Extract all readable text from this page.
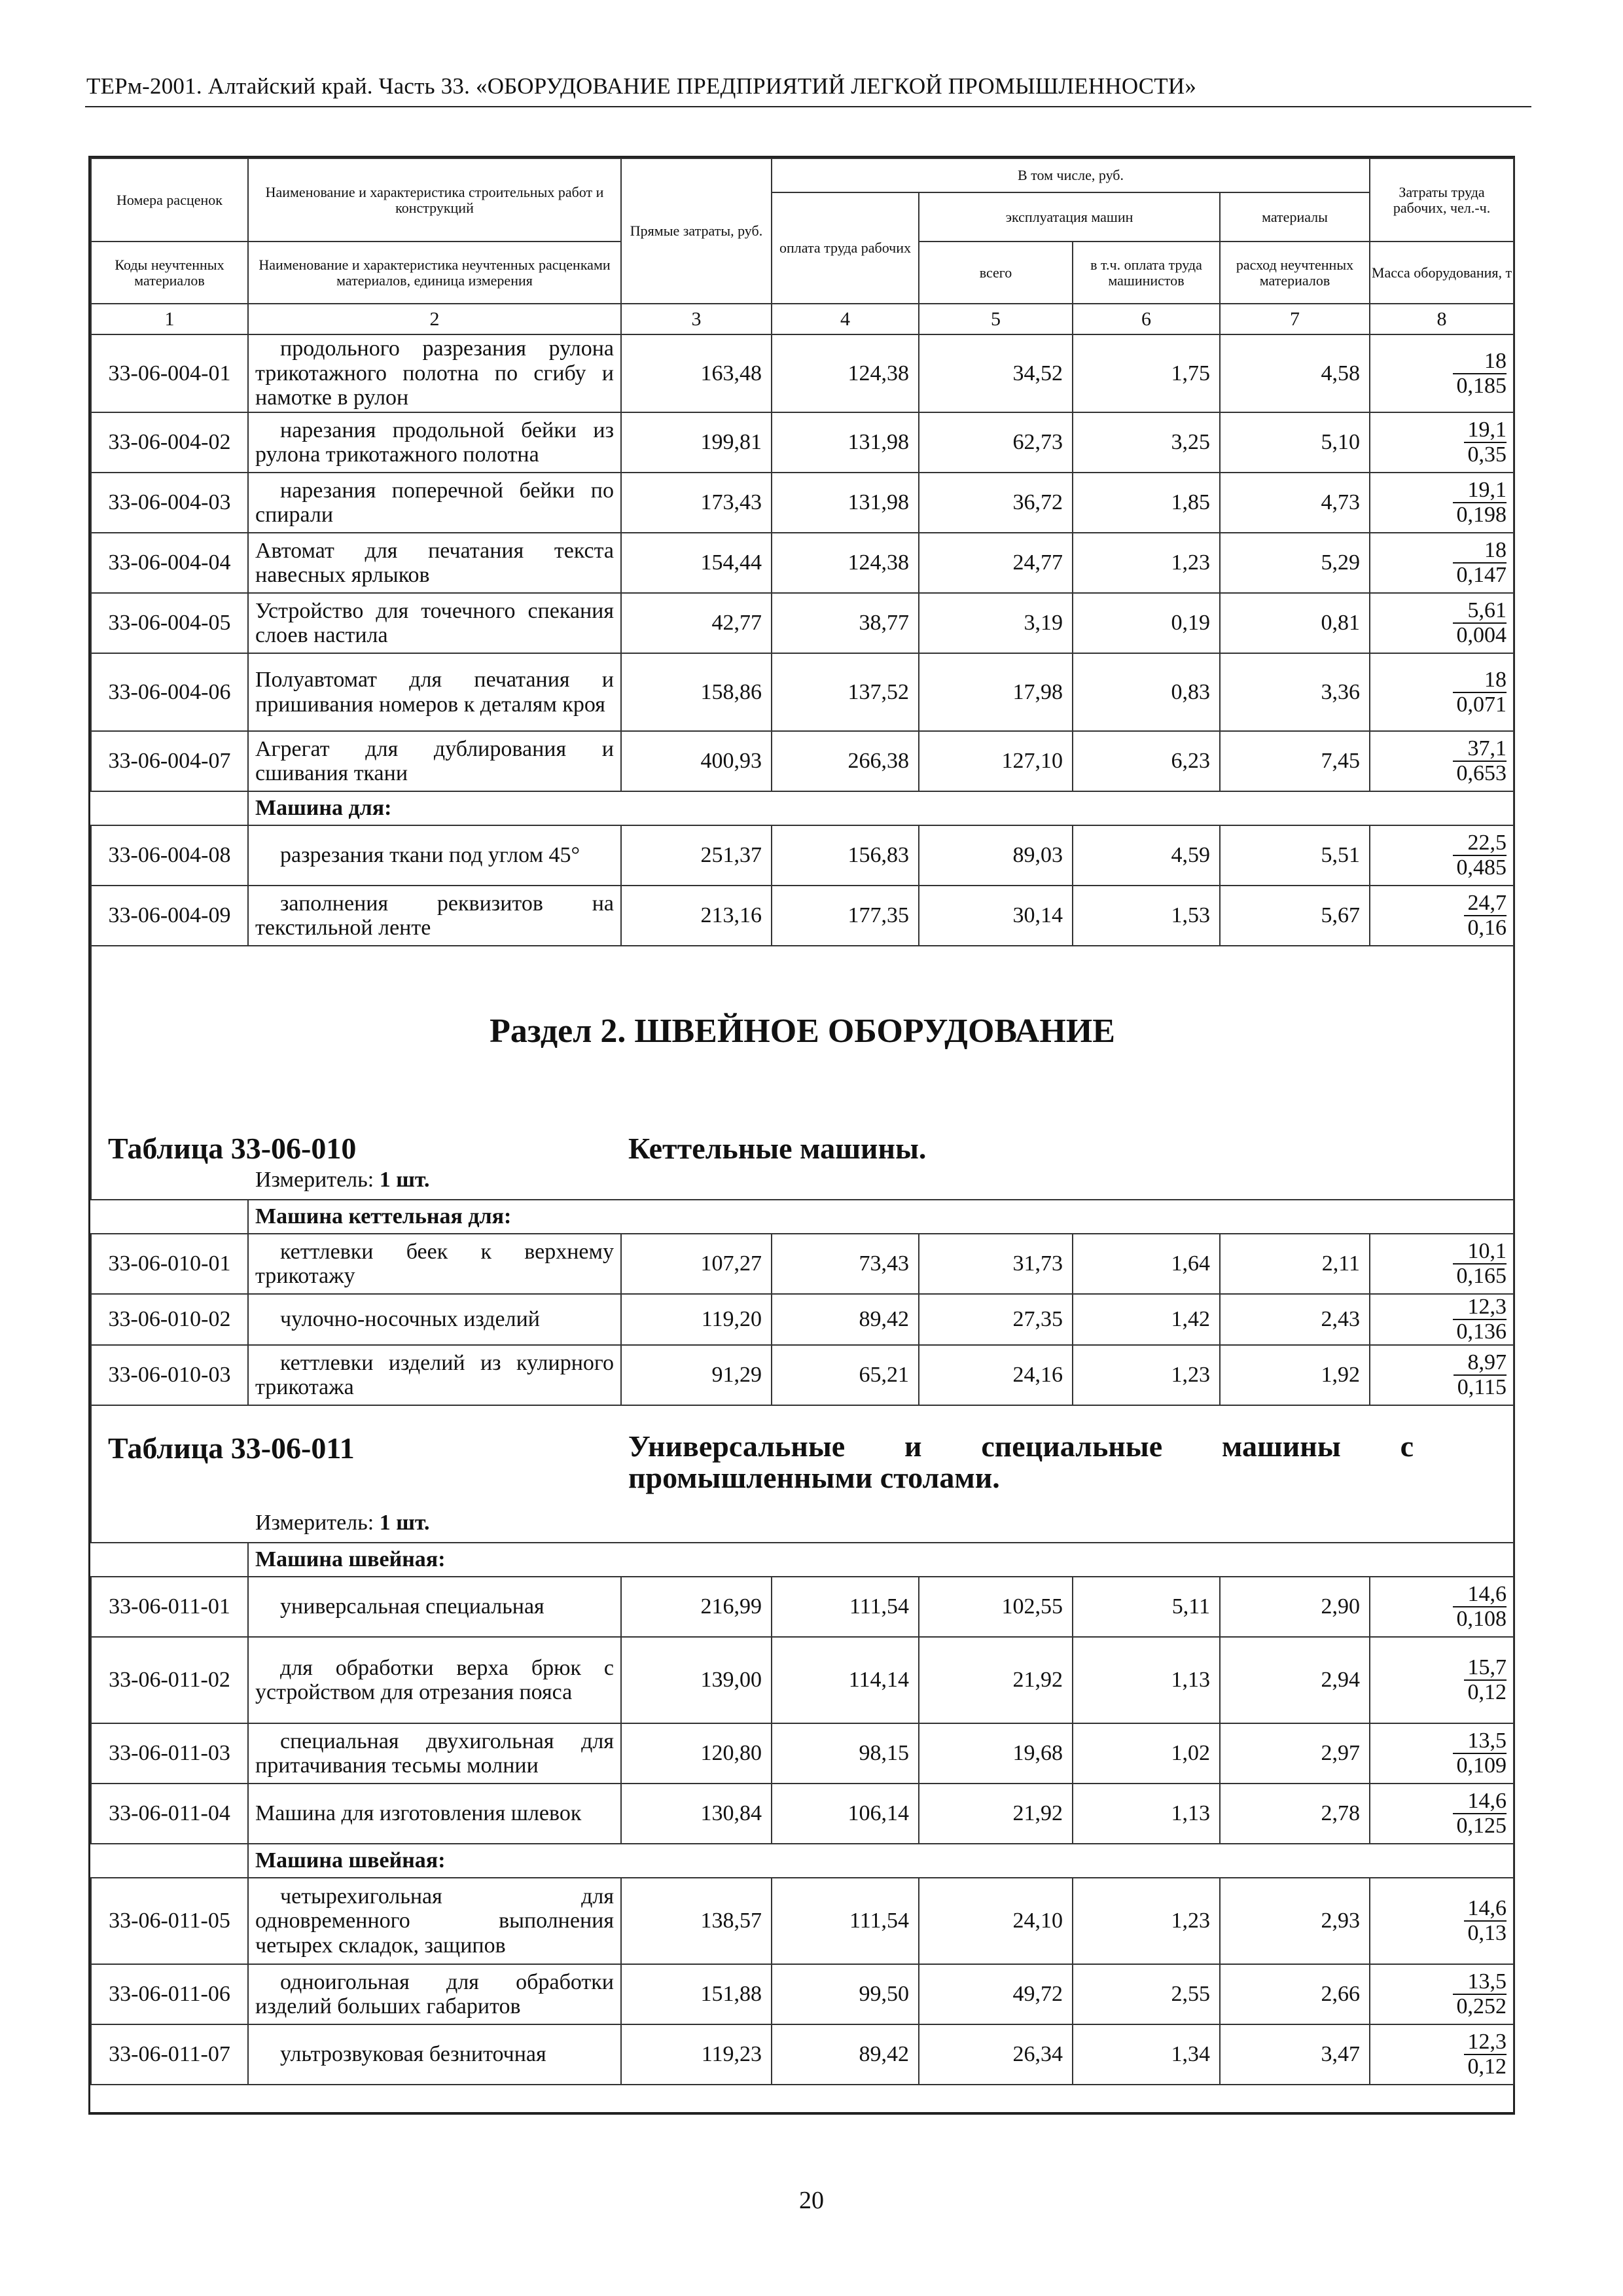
ТЕРм-2001. Алтайский край. Часть 33. «ОБОРУДОВАНИЕ ПРЕДПРИЯТИЙ ЛЕГКОЙ ПРОМЫШЛЕННОСТИ»
Номера расценок	Наименование и характеристика строительных работ и конструкций	Прямые затраты, руб.	В том числе, руб.				Затраты труда рабочих, чел.-ч.
			оплата труда рабочих	эксплуатация машин		материалы	
Коды неучтенных материалов	Наименование и характеристика неучтенных расценками материалов, единица измерения			всего	в т.ч. оплата труда машинистов	расход неучтенных материалов	Масса оборудования, т
1	2	3	4	5	6	7	8
33-06-004-01	продольного разрезания рулона трикотажного полотна по сгибу и намотке в рулон	163,48	124,38	34,52	1,75	4,58	18
0,185
33-06-004-02	нарезания продольной бейки из рулона трикотажного полотна	199,81	131,98	62,73	3,25	5,10	19,1
0,35
33-06-004-03	нарезания поперечной бейки по спирали	173,43	131,98	36,72	1,85	4,73	19,1
0,198
33-06-004-04	Автомат для печатания текста навесных ярлыков	154,44	124,38	24,77	1,23	5,29	18
0,147
33-06-004-05	Устройство для точечного спекания слоев настила	42,77	38,77	3,19	0,19	0,81	5,61
0,004
33-06-004-06	Полуавтомат для печатания и пришивания номеров к деталям кроя	158,86	137,52	17,98	0,83	3,36	18
0,071
33-06-004-07	Агрегат для дублирования и сшивания ткани	400,93	266,38	127,10	6,23	7,45	37,1
0,653
	Машина для:						
33-06-004-08	разрезания ткани под углом 45°	251,37	156,83	89,03	4,59	5,51	22,5
0,485
33-06-004-09	заполнения реквизитов на текстильной ленте	213,16	177,35	30,14	1,53	5,67	24,7
0,16

Раздел 2. ШВЕЙНОЕ ОБОРУДОВАНИЕ
Таблица 33-06-010 Кеттельные машины.
Измеритель: 1 шт.							

	Машина кеттельная для:						
33-06-010-01	кеттлевки беек к верхнему трикотажу	107,27	73,43	31,73	1,64	2,11	10,1
0,165
33-06-010-02	чулочно-носочных изделий	119,20	89,42	27,35	1,42	2,43	12,3
0,136
33-06-010-03	кеттлевки изделий из кулирного трикотажа	91,29	65,21	24,16	1,23	1,92	8,97
0,115

Таблица 33-06-011 Универсальные и специальные машины с промышленными столами.
Измеритель: 1 шт.							

	Машина швейная:						
33-06-011-01	универсальная специальная	216,99	111,54	102,55	5,11	2,90	14,6
0,108
33-06-011-02	для обработки верха брюк с устройством для отрезания пояса	139,00	114,14	21,92	1,13	2,94	15,7
0,12
33-06-011-03	специальная двухигольная для притачивания тесьмы молнии	120,80	98,15	19,68	1,02	2,97	13,5
0,109
33-06-011-04	Машина для изготовления шлевок	130,84	106,14	21,92	1,13	2,78	14,6
0,125
	Машина швейная:						
33-06-011-05	четырехигольная для одновременного выполнения четырех складок, защипов	138,57	111,54	24,10	1,23	2,93	14,6
0,13
33-06-011-06	одноигольная для обработки изделий больших габаритов	151,88	99,50	49,72	2,55	2,66	13,5
0,252
33-06-011-07	ультрозвуковая безниточная	119,23	89,42	26,34	1,34	3,47	12,3
0,12
20
